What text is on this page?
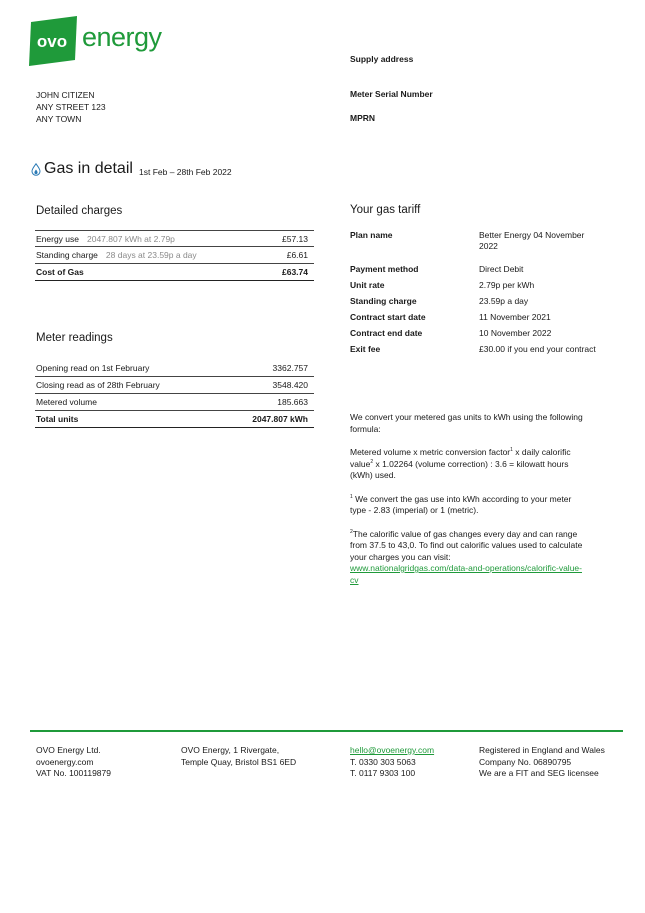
ovo energy
Supply address
Meter Serial Number
MPRN
JOHN CITIZEN
ANY STREET 123
ANY TOWN
Gas in detail 1st Feb – 28th Feb 2022
Detailed charges
Energy use 2047.807 kWh at 2.79p	£57.13
Standing charge 28 days at 23.59p a day	£6.61
Cost of Gas	£63.74
Meter readings
Opening read on 1st February	3362.757
Closing read as of 28th February	3548.420
Metered volume	185.663
Total units	2047.807 kWh
Your gas tariff
Plan name	Better Energy 04 November 2022
Payment method	Direct Debit
Unit rate	2.79p per kWh
Standing charge	23.59p a day
Contract start date	11 November 2021
Contract end date	10 November 2022
Exit fee	£30.00 if you end your contract

We convert your metered gas units to kWh using the following formula:

Metered volume x metric conversion factor$^1$ x daily calorific value$^2$ x 1.02264 (volume correction) : 3.6 = kilowatt hours (kWh) used.

$^1$ We convert the gas use into kWh according to your meter type - 2.83 (imperial) or 1 (metric).

$^2$The calorific value of gas changes every day and can range from 37.5 to 43,0. To find out calorific values used to calculate your charges you can visit:
www.nationalgridgas.com/data-and-operations/calorific-value-cv

OVO Energy Ltd.
ovoenergy.com
VAT No. 100119879
OVO Energy, 1 Rivergate,
Temple Quay, Bristol BS1 6ED
hello@ovoenergy.com
T. 0330 303 5063
T. 0117 9303 100
Registered in England and Wales
Company No. 06890795
We are a FIT and SEG licensee
